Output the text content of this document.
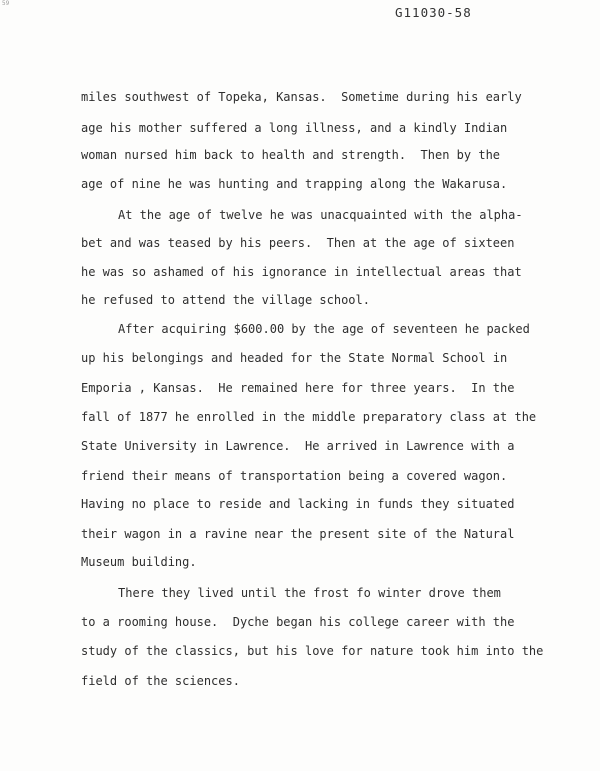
59
G11030-58
miles southwest of Topeka, Kansas.  Sometime during his early
age his mother suffered a long illness, and a kindly Indian
woman nursed him back to health and strength.  Then by the
age of nine he was hunting and trapping along the Wakarusa.
At the age of twelve he was unacquainted with the alpha-
bet and was teased by his peers.  Then at the age of sixteen
he was so ashamed of his ignorance in intellectual areas that
he refused to attend the village school.
After acquiring $600.00 by the age of seventeen he packed
up his belongings and headed for the State Normal School in
Emporia , Kansas.  He remained here for three years.  In the
fall of 1877 he enrolled in the middle preparatory class at the
State University in Lawrence.  He arrived in Lawrence with a
friend their means of transportation being a covered wagon.
Having no place to reside and lacking in funds they situated
their wagon in a ravine near the present site of the Natural
Museum building.
There they lived until the frost fo winter drove them
to a rooming house.  Dyche began his college career with the
study of the classics, but his love for nature took him into the
field of the sciences.
